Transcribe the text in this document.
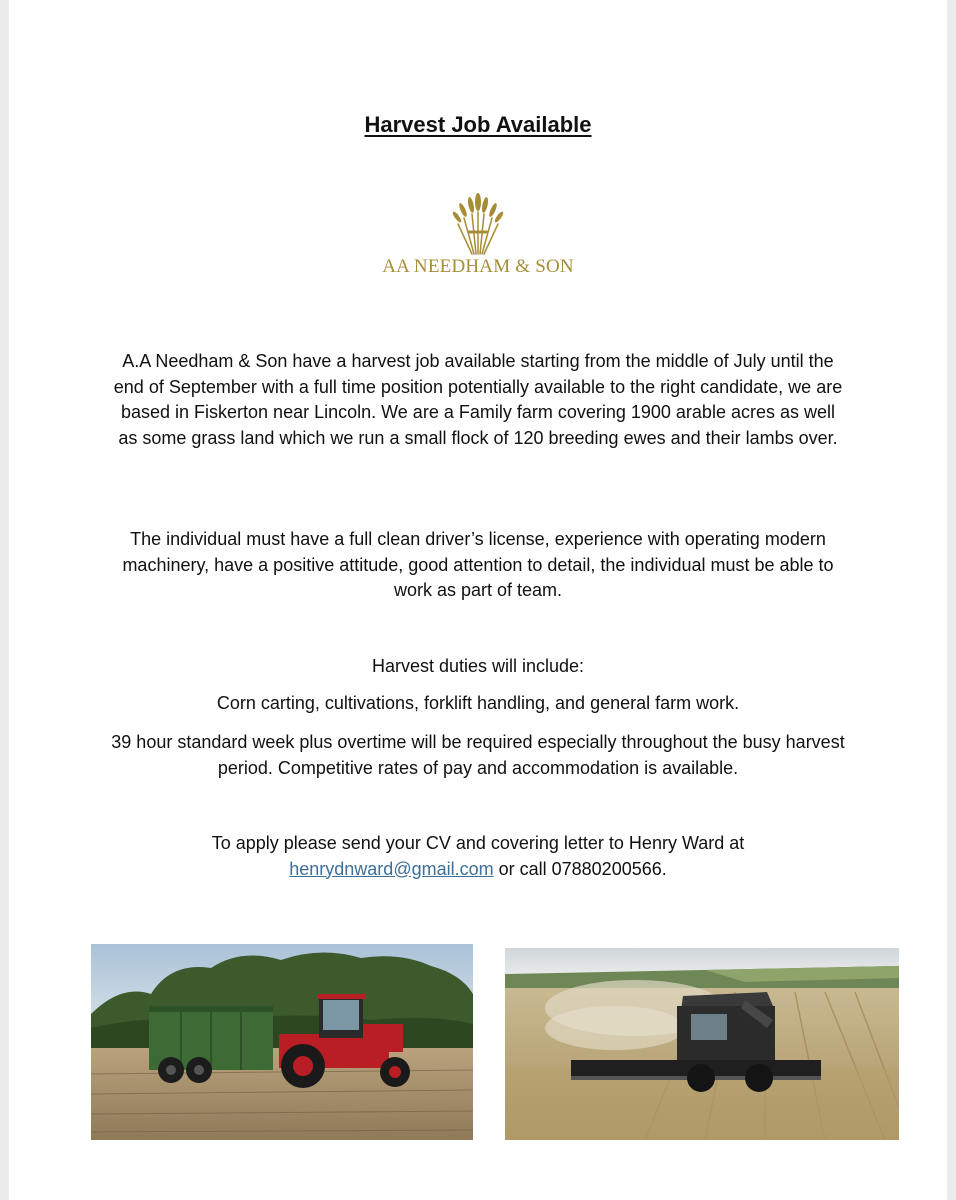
Harvest Job Available
AA NEEDHAM & SON

A.A Needham & Son have a harvest job available starting from the middle of July until the end of September with a full time position potentially available to the right candidate, we are based in Fiskerton near Lincoln. We are a Family farm covering 1900 arable acres as well as some grass land which we run a small flock of 120 breeding ewes and their lambs over.

The individual must have a full clean driver’s license, experience with operating modern machinery, have a positive attitude, good attention to detail, the individual must be able to work as part of team.

Harvest duties will include:

Corn carting, cultivations, forklift handling, and general farm work.

39 hour standard week plus overtime will be required especially throughout the busy harvest period. Competitive rates of pay and accommodation is available.

To apply please send your CV and covering letter to Henry Ward at
henrydnward@gmail.com or call 07880200566.
